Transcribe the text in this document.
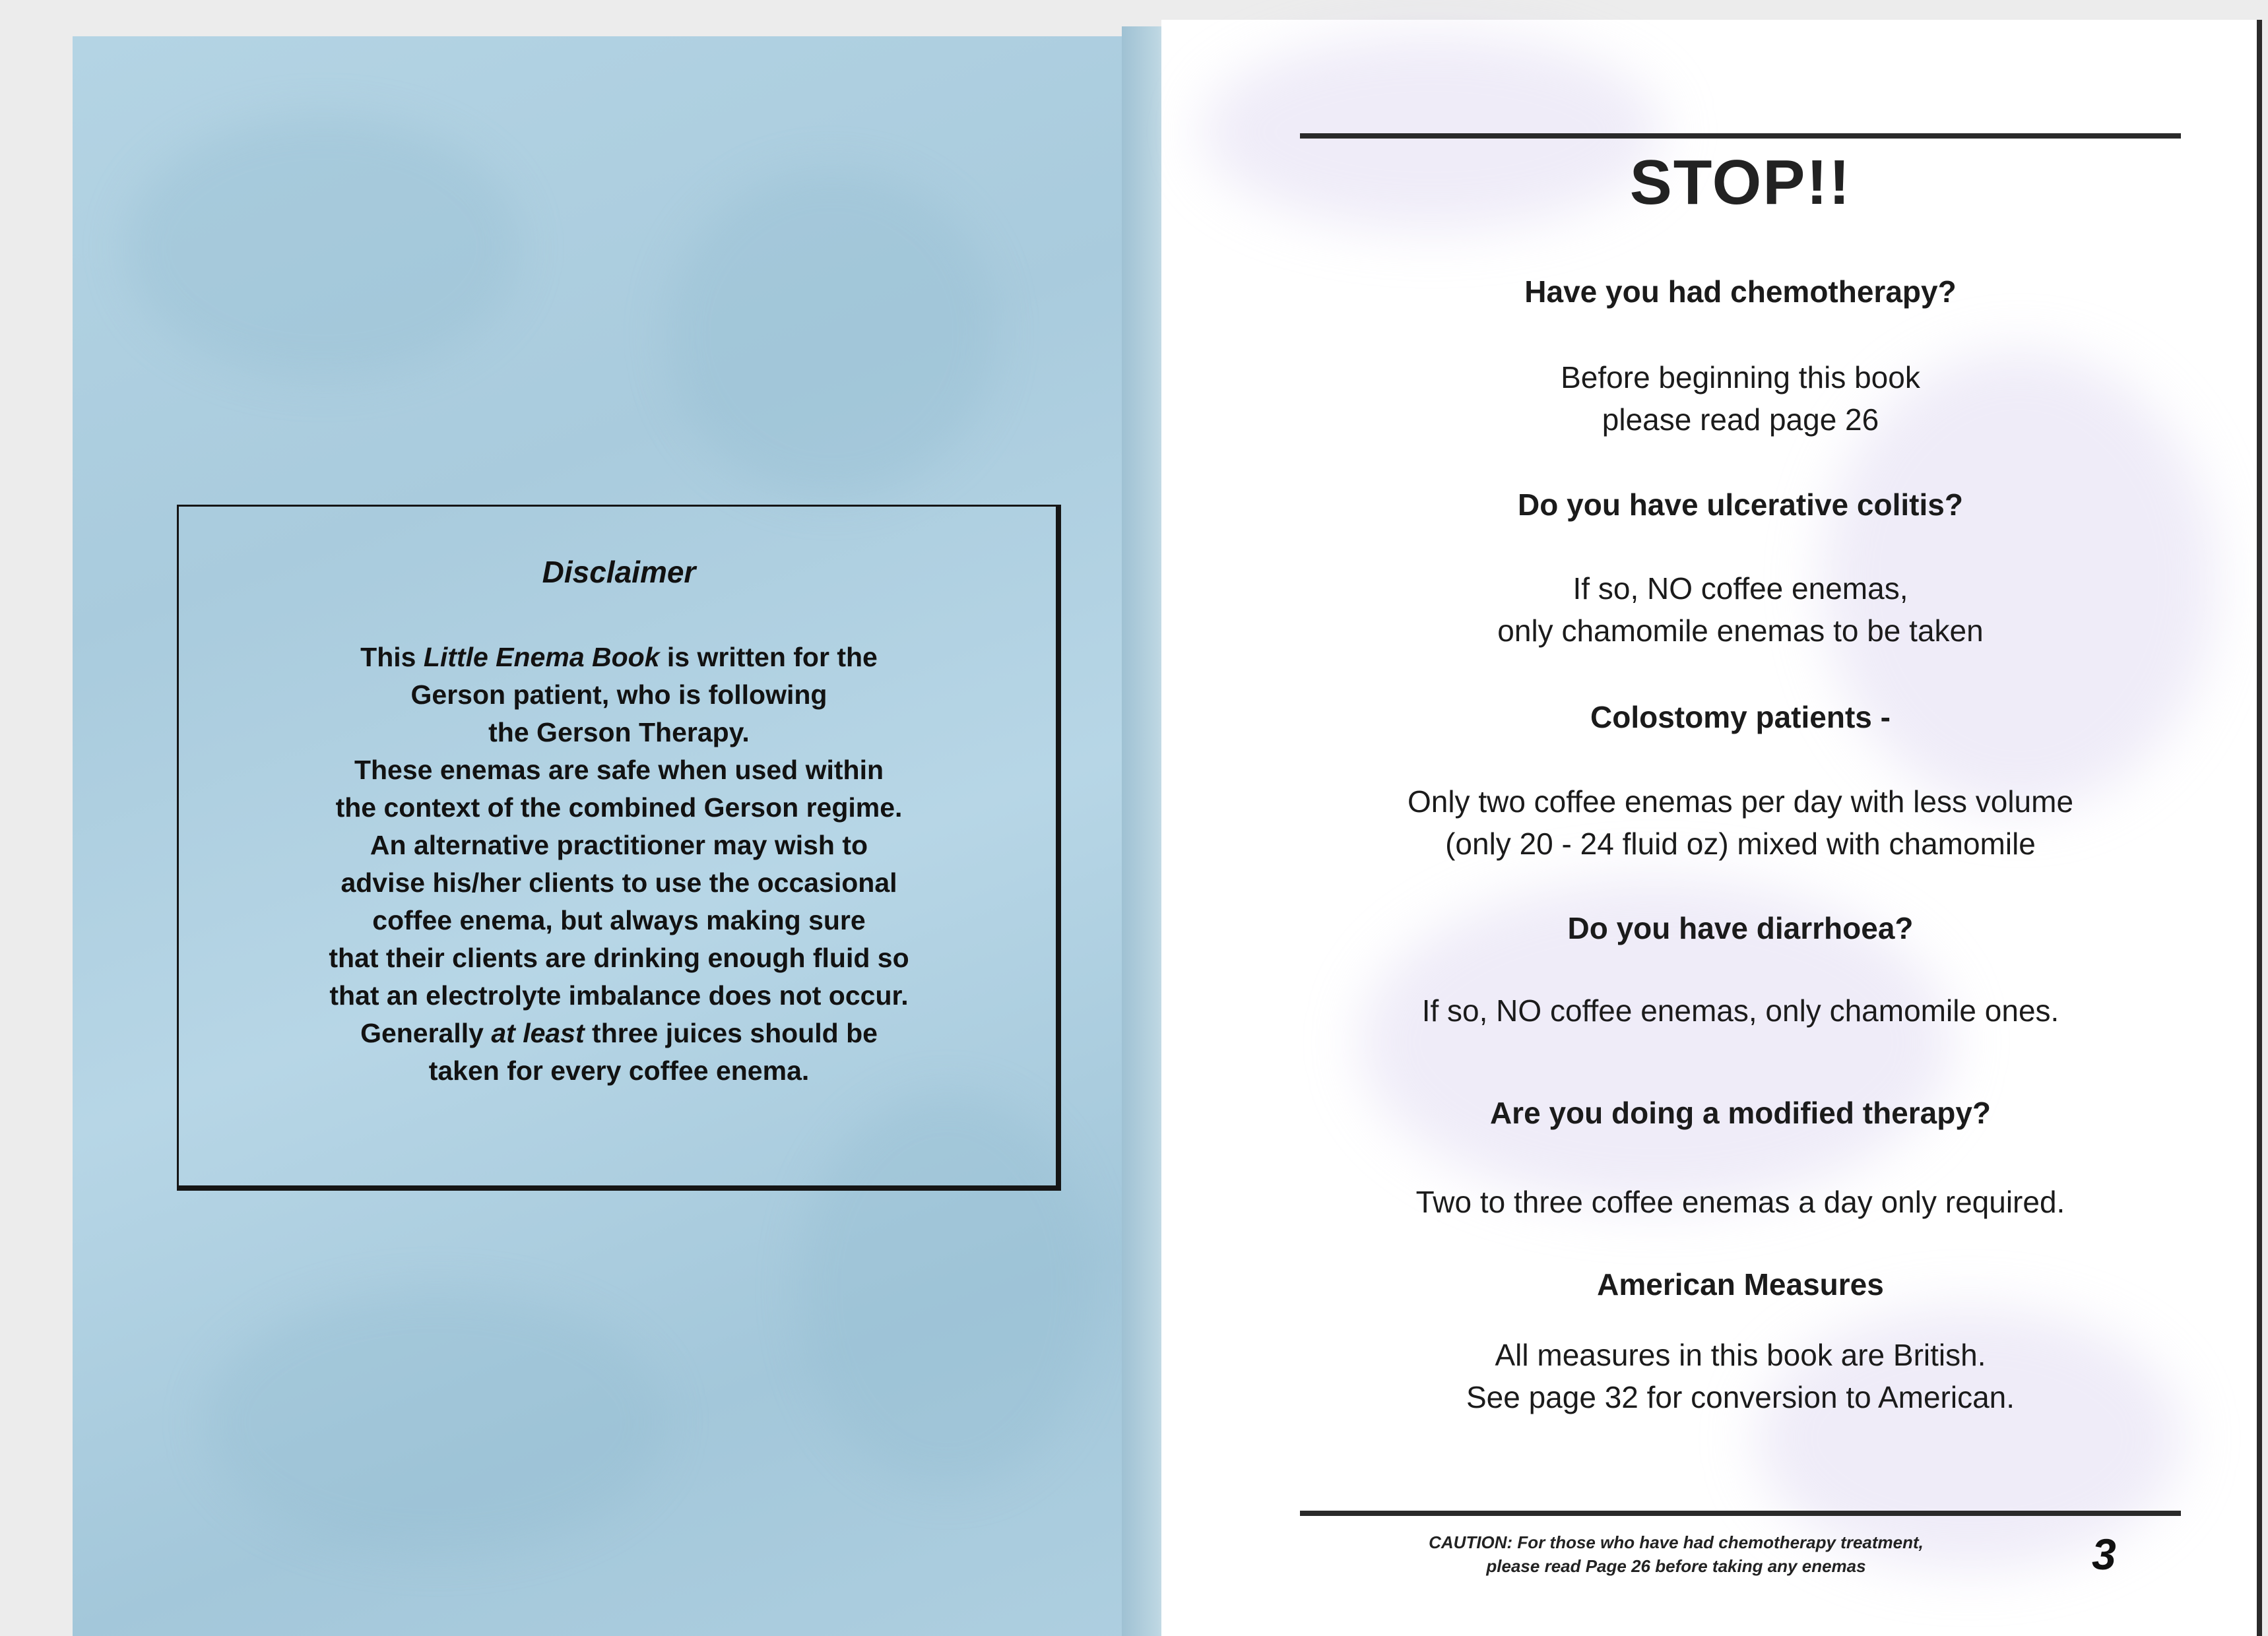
Disclaimer
This Little Enema Book is written for the
Gerson patient, who is following
the Gerson Therapy.
These enemas are safe when used within
the context of the combined Gerson regime.
An alternative practitioner may wish to
advise his/her clients to use the occasional
coffee enema, but always making sure
that their clients are drinking enough fluid so
that an electrolyte imbalance does not occur.
Generally at least three juices should be
taken for every coffee enema.
STOP!!
Have you had chemotherapy?
Before beginning this book
please read page 26
Do you have ulcerative colitis?
If so, NO coffee enemas,
only chamomile enemas to be taken
Colostomy patients -
Only two coffee enemas per day with less volume
(only 20 - 24 fluid oz) mixed with chamomile
Do you have diarrhoea?
If so, NO coffee enemas, only chamomile ones.
Are you doing a modified therapy?
Two to three coffee enemas a day only required.
American Measures
All measures in this book are British.
See page 32 for conversion to American.
CAUTION: For those who have had chemotherapy treatment,
please read Page 26 before taking any enemas	3
